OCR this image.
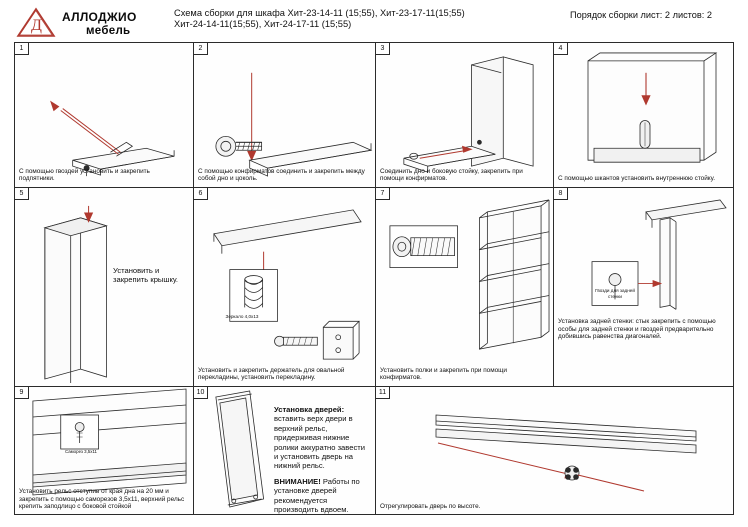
Д АЛЛОДЖИО
мебель
Схема сборки для шкафа Хит-23-14-11 (15;55), Хит-23-17-11(15;55)
Хит-24-14-11(15;55), Хит-24-17-11 (15;55)
Порядок сборки лист: 2 листов: 2
1
С помощью гвоздей установить и закрепить подпятники.
2
С помощью конфирматов соединить и закрепить между собой дно и цоколь.
3
Соединить дно и боковую стойку, закрепить при помощи конфирматов.
4
С помощью шкантов установить внутреннюю стойку.
5
Установить и закрепить крышку.
6
Зеркало 4,0х13
Установить и закрепить держатель для овальной перекладины, установить перекладину.
7
Установить полки и закрепить при помощи конфирматов.
8
Гвозди для задней стенки
Установка задней стенки: стык закрепить с помощью особы для задней стенки и гвоздей предварительно добившись равенства диагоналей.
9
Саморез 3,5х11
Установить рельс отступив от края дна на 20 мм и закрепить с помощью саморезов 3,5х11, верхний рельс крепить заподлицо с боковой стойкой
10
Установка дверей: вставить верх двери в верхний рельс, придерживая нижние ролики аккуратно завести и установить дверь на нижний рельс.
ВНИМАНИЕ! Работы по установке дверей рекомендуется производить вдвоем.
11
Отрегулировать дверь по высоте.
